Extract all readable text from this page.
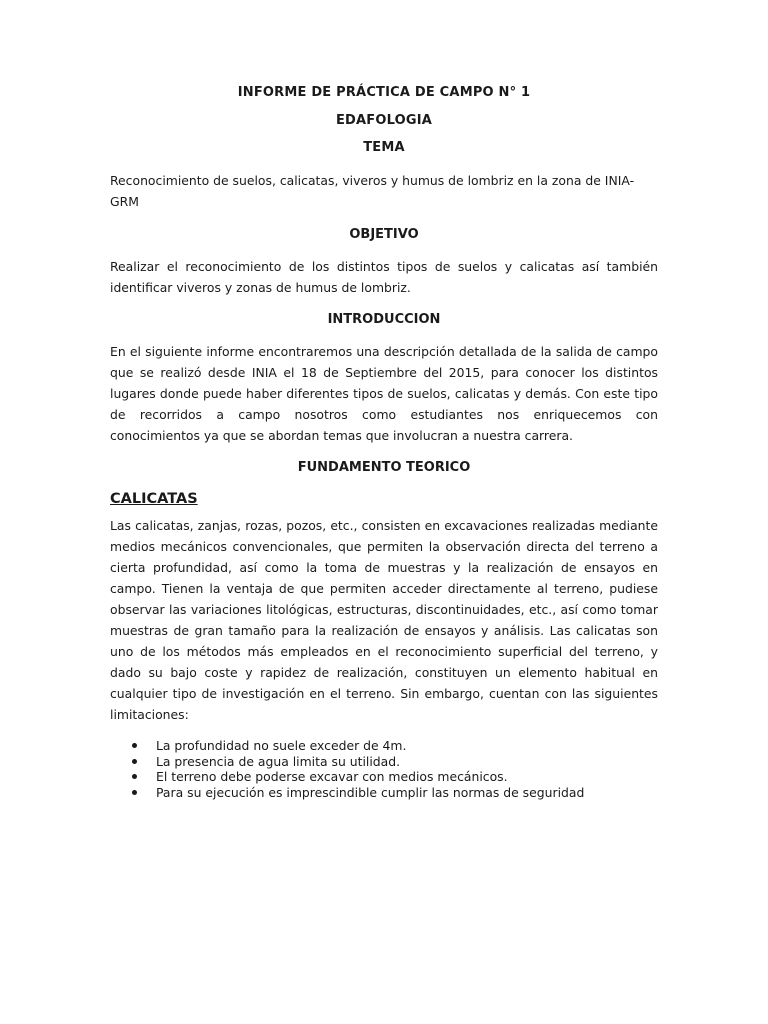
INFORME DE PRÁCTICA DE CAMPO N° 1

EDAFOLOGIA

TEMA

Reconocimiento de suelos, calicatas, viveros y humus de lombriz en la zona de INIA-GRM

OBJETIVO

Realizar el reconocimiento de los distintos tipos de suelos y calicatas así también identificar viveros y zonas de humus de lombriz.

INTRODUCCION

En el siguiente informe encontraremos una descripción detallada de la salida de campo que se realizó desde INIA el 18 de Septiembre del 2015, para conocer los distintos lugares donde puede haber diferentes tipos de suelos, calicatas y demás. Con este tipo de recorridos a campo nosotros como estudiantes nos enriquecemos con conocimientos ya que se abordan temas que involucran a nuestra carrera.

FUNDAMENTO TEORICO

CALICATAS

Las calicatas, zanjas, rozas, pozos, etc., consisten en excavaciones realizadas mediante medios mecánicos convencionales, que permiten la observación directa del terreno a cierta profundidad, así como la toma de muestras y la realización de ensayos en campo. Tienen la ventaja de que permiten acceder directamente al terreno, pudiese observar las variaciones litológicas, estructuras, discontinuidades, etc., así como tomar muestras de gran tamaño para la realización de ensayos y análisis. Las calicatas son uno de los métodos más empleados en el reconocimiento superficial del terreno, y dado su bajo coste y rapidez de realización, constituyen un elemento habitual en cualquier tipo de investigación en el terreno. Sin embargo, cuentan con las siguientes limitaciones:

La profundidad no suele exceder de 4m.
La presencia de agua limita su utilidad.
El terreno debe poderse excavar con medios mecánicos.
Para su ejecución es imprescindible cumplir las normas de seguridad
